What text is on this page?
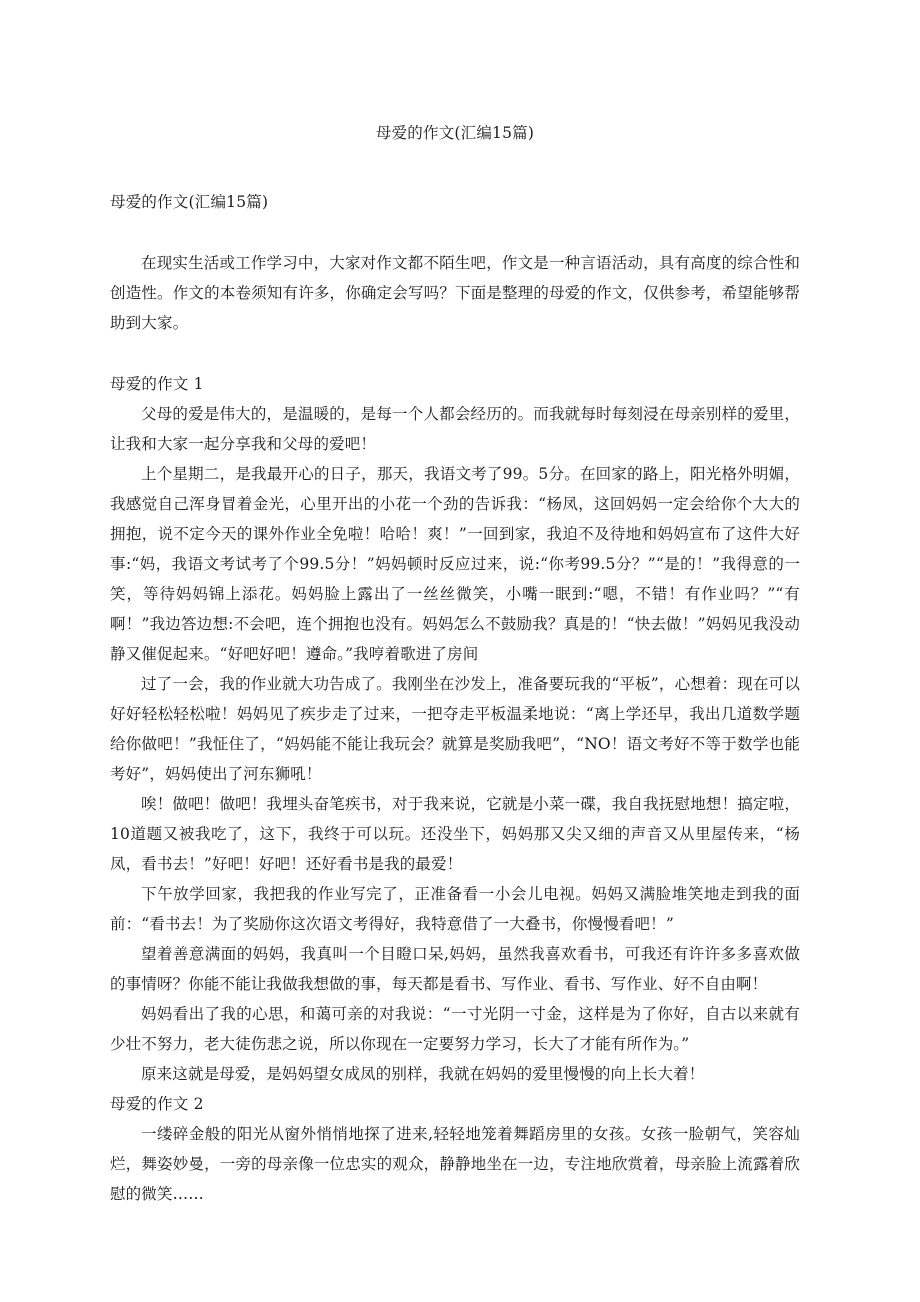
母爱的作文(汇编15篇)

母爱的作文(汇编15篇)

在现实生活或工作学习中，大家对作文都不陌生吧，作文是一种言语活动，具有高度的综合性和创造性。作文的本卷须知有许多，你确定会写吗？下面是整理的母爱的作文，仅供参考，希望能够帮助到大家。

母爱的作文 1

父母的爱是伟大的，是温暖的，是每一个人都会经历的。而我就每时每刻浸在母亲别样的爱里，让我和大家一起分享我和父母的爱吧！

上个星期二，是我最开心的日子，那天，我语文考了99。5分。在回家的路上，阳光格外明媚，我感觉自己浑身冒着金光，心里开出的小花一个劲的告诉我：“杨凤，这回妈妈一定会给你个大大的拥抱，说不定今天的课外作业全免啦！哈哈！爽！”一回到家，我迫不及待地和妈妈宣布了这件大好事:“妈，我语文考试考了个99.5分！”妈妈顿时反应过来，说:“你考99.5分？”“是的！”我得意的一笑，等待妈妈锦上添花。妈妈脸上露出了一丝丝微笑，小嘴一眠到:“嗯，不错！有作业吗？”“有啊！”我边答边想:不会吧，连个拥抱也没有。妈妈怎么不鼓励我？真是的！“快去做！”妈妈见我没动静又催促起来。“好吧好吧！遵命。”我哼着歌进了房间

过了一会，我的作业就大功告成了。我刚坐在沙发上，准备要玩我的“平板”，心想着：现在可以好好轻松轻松啦！妈妈见了疾步走了过来，一把夺走平板温柔地说：“离上学还早，我出几道数学题给你做吧！”我怔住了，“妈妈能不能让我玩会？就算是奖励我吧”，“NO！语文考好不等于数学也能考好”，妈妈使出了河东狮吼！

唉！做吧！做吧！我埋头奋笔疾书，对于我来说，它就是小菜一碟，我自我抚慰地想！搞定啦，10道题又被我吃了，这下，我终于可以玩。还没坐下，妈妈那又尖又细的声音又从里屋传来，“杨凤，看书去！”好吧！好吧！还好看书是我的最爱！

下午放学回家，我把我的作业写完了，正准备看一小会儿电视。妈妈又满脸堆笑地走到我的面前：“看书去！为了奖励你这次语文考得好，我特意借了一大叠书，你慢慢看吧！”

望着善意满面的妈妈，我真叫一个目瞪口呆,妈妈，虽然我喜欢看书，可我还有许许多多喜欢做的事情呀？你能不能让我做我想做的事，每天都是看书、写作业、看书、写作业、好不自由啊！

妈妈看出了我的心思，和蔼可亲的对我说：“一寸光阴一寸金，这样是为了你好，自古以来就有少壮不努力，老大徒伤悲之说，所以你现在一定要努力学习，长大了才能有所作为。”

原来这就是母爱，是妈妈望女成凤的别样，我就在妈妈的爱里慢慢的向上长大着！

母爱的作文 2

一缕碎金般的阳光从窗外悄悄地探了进来,轻轻地笼着舞蹈房里的女孩。女孩一脸朝气，笑容灿烂，舞姿妙曼，一旁的母亲像一位忠实的观众，静静地坐在一边，专注地欣赏着，母亲脸上流露着欣慰的微笑……
